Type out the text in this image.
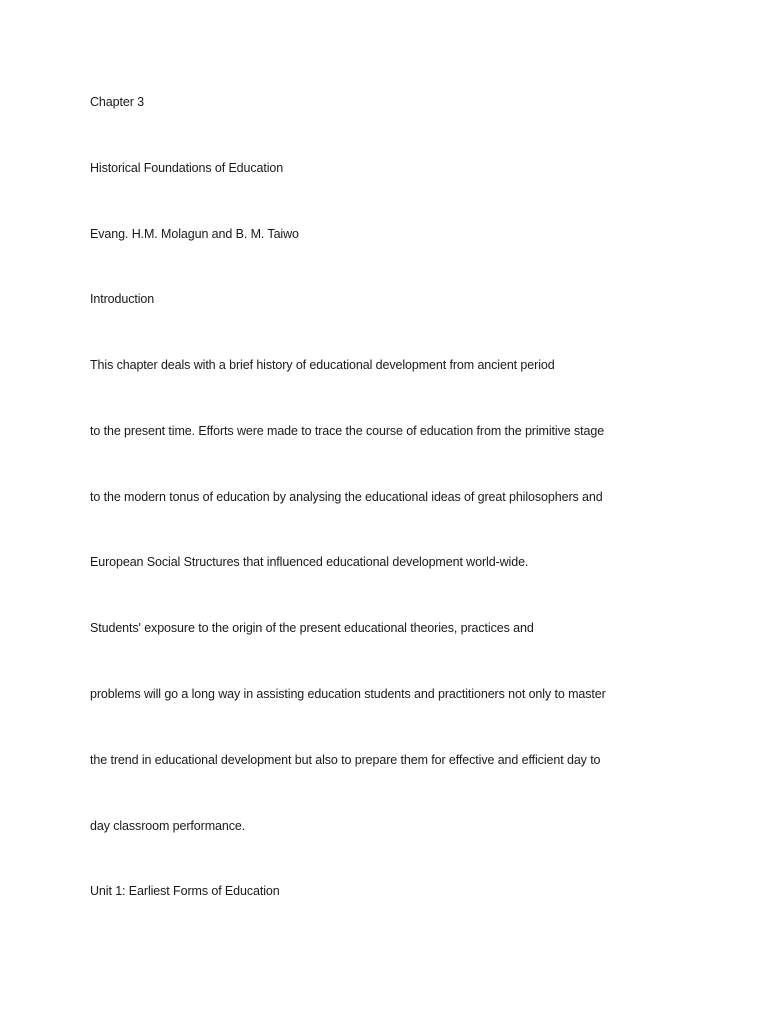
Chapter 3
Historical Foundations of Education
Evang. H.M. Molagun and B. M. Taiwo
Introduction
This chapter deals with a brief history of educational development from ancient period
to the present time. Efforts were made to trace the course of education from the primitive stage
to the modern tonus of education by analysing the educational ideas of great philosophers and
European Social Structures that influenced educational development world-wide.
Students' exposure to the origin of the present educational theories, practices and
problems will go a long way in assisting education students and practitioners not only to master
the trend in educational development but also to prepare them for effective and efficient day to
day classroom performance.
Unit 1: Earliest Forms of Education
